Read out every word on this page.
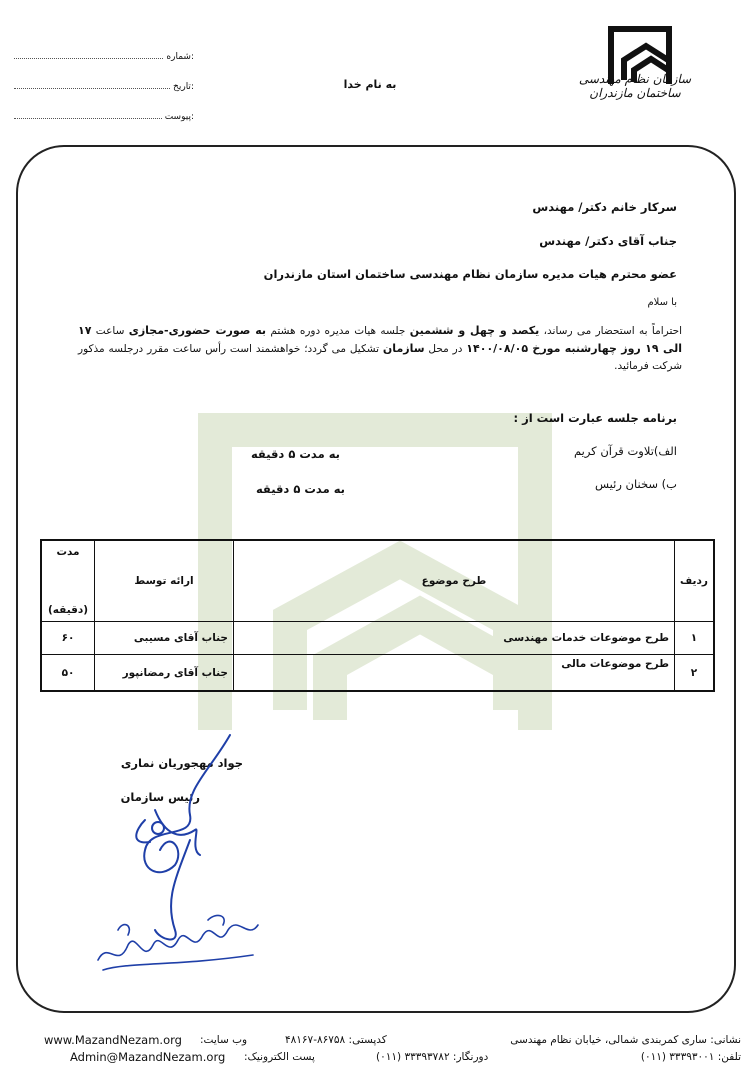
سازمان نظام مهندسی ساختمان مازندران
به نام خدا
شماره:
تاریخ:
پیوست:
سرکار خانم دکتر/ مهندس
جناب آقای دکتر/ مهندس
عضو محترم هیات مدیره سازمان نظام مهندسی ساختمان استان مازندران
با سلام
احتراماً به استحضار می رساند، یکصد و چهل و ششمین جلسه هیات مدیره دوره هشتم به صورت حضوری-مجازی ساعت ۱۷ الی ۱۹ روز چهارشنبه مورخ ۱۴۰۰/۰۸/۰۵ در محل سازمان تشکیل می گردد؛ خواهشمند است رأس ساعت مقرر درجلسه مذکور شرکت فرمائید.
برنامه جلسه عبارت است از :
الف)تلاوت قرآن کریم
به مدت ۵ دقیقه
ب) سخنان رئیس
به مدت ۵ دقیقه
ردیف	طرح موضوع	ارائه توسط	مدت
(دقیقه)

۱	طرح موضوعات خدمات مهندسی	جناب آقای مسیبی	۶۰
۲	طرح موضوعات مالی	جناب آقای رمضانپور	۵۰
جواد مهجوریان نماری
رئیس سازمان
نشانی: ساری کمربندی شمالی، خیابان نظام مهندسی
کدپستی: ۸۶۷۵۸-۴۸۱۶۷
وب سایت:
www.MazandNezam.org
تلفن: ۳۳۳۹۳۰۰۱ (۰۱۱)
دورنگار: ۳۳۳۹۳۷۸۲ (۰۱۱)
پست الکترونیک:
Admin@MazandNezam.org
